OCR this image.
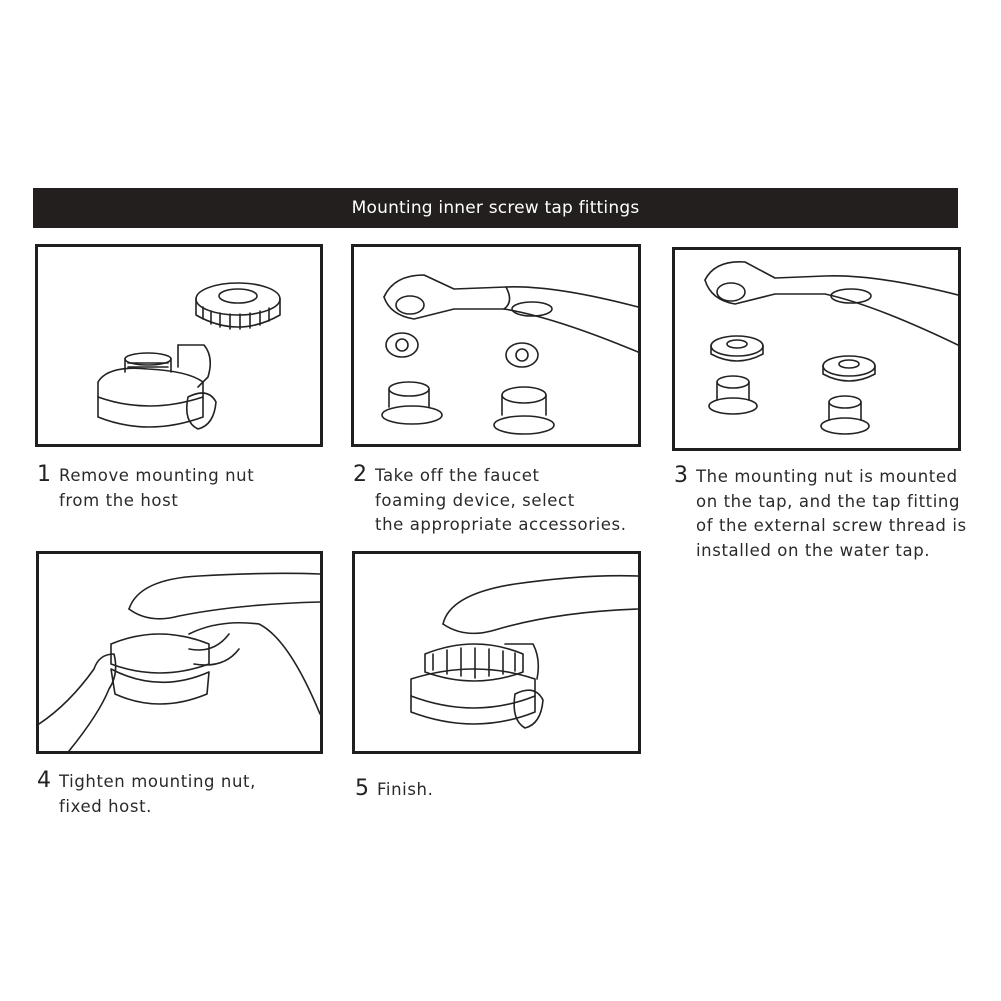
Mounting inner screw tap fittings
1 Remove mounting nut
from the host
2 Take off the faucet
foaming device, select
the appropriate accessories.
3 The mounting nut is mounted
on the tap, and the tap fitting
of the external screw thread is
installed on the water tap.
4 Tighten mounting nut,
fixed host.
5 Finish.
